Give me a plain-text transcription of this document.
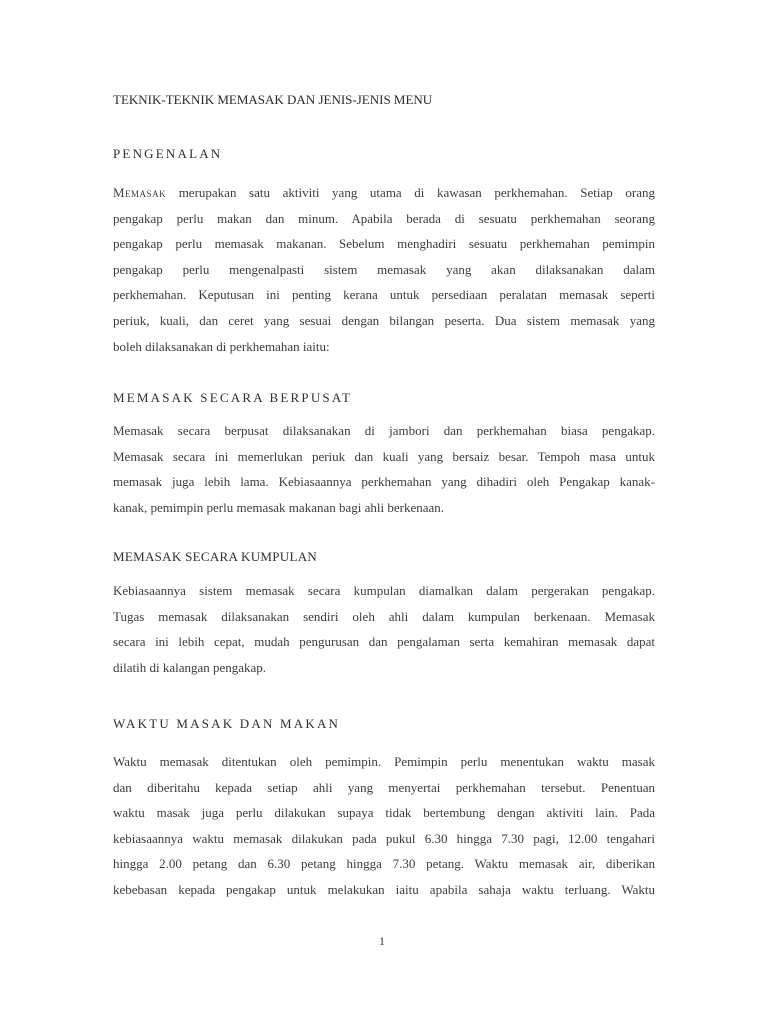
TEKNIK-TEKNIK MEMASAK DAN JENIS-JENIS MENU
PENGENALAN
Memasak merupakan satu aktiviti yang utama di kawasan perkhemahan. Setiap orang
pengakap perlu makan dan minum. Apabila berada di sesuatu perkhemahan seorang
pengakap perlu memasak makanan. Sebelum menghadiri sesuatu perkhemahan pemimpin
pengakap perlu mengenalpasti sistem memasak yang akan dilaksanakan dalam
perkhemahan. Keputusan ini penting kerana untuk persediaan peralatan memasak seperti
periuk, kuali, dan ceret yang sesuai dengan bilangan peserta. Dua sistem memasak yang
boleh dilaksanakan di perkhemahan iaitu:
MEMASAK SECARA BERPUSAT
Memasak secara berpusat dilaksanakan di jambori dan perkhemahan biasa pengakap.
Memasak secara ini memerlukan periuk dan kuali yang bersaiz besar. Tempoh masa untuk
memasak juga lebih lama. Kebiasaannya perkhemahan yang dihadiri oleh Pengakap kanak-
kanak, pemimpin perlu memasak makanan bagi ahli berkenaan.
MEMASAK SECARA KUMPULAN
Kebiasaannya sistem memasak secara kumpulan diamalkan dalam pergerakan pengakap.
Tugas memasak dilaksanakan sendiri oleh ahli dalam kumpulan berkenaan. Memasak
secara ini lebih cepat, mudah pengurusan dan pengalaman serta kemahiran memasak dapat
dilatih di kalangan pengakap.
WAKTU MASAK DAN MAKAN
Waktu memasak ditentukan oleh pemimpin. Pemimpin perlu menentukan waktu masak
dan diberitahu kepada setiap ahli yang menyertai perkhemahan tersebut. Penentuan
waktu masak juga perlu dilakukan supaya tidak bertembung dengan aktiviti lain. Pada
kebiasaannya waktu memasak dilakukan pada pukul 6.30 hingga 7.30 pagi, 12.00 tengahari
hingga 2.00 petang dan 6.30 petang hingga 7.30 petang. Waktu memasak air, diberikan
kebebasan kepada pengakap untuk melakukan iaitu apabila sahaja waktu terluang. Waktu

1
